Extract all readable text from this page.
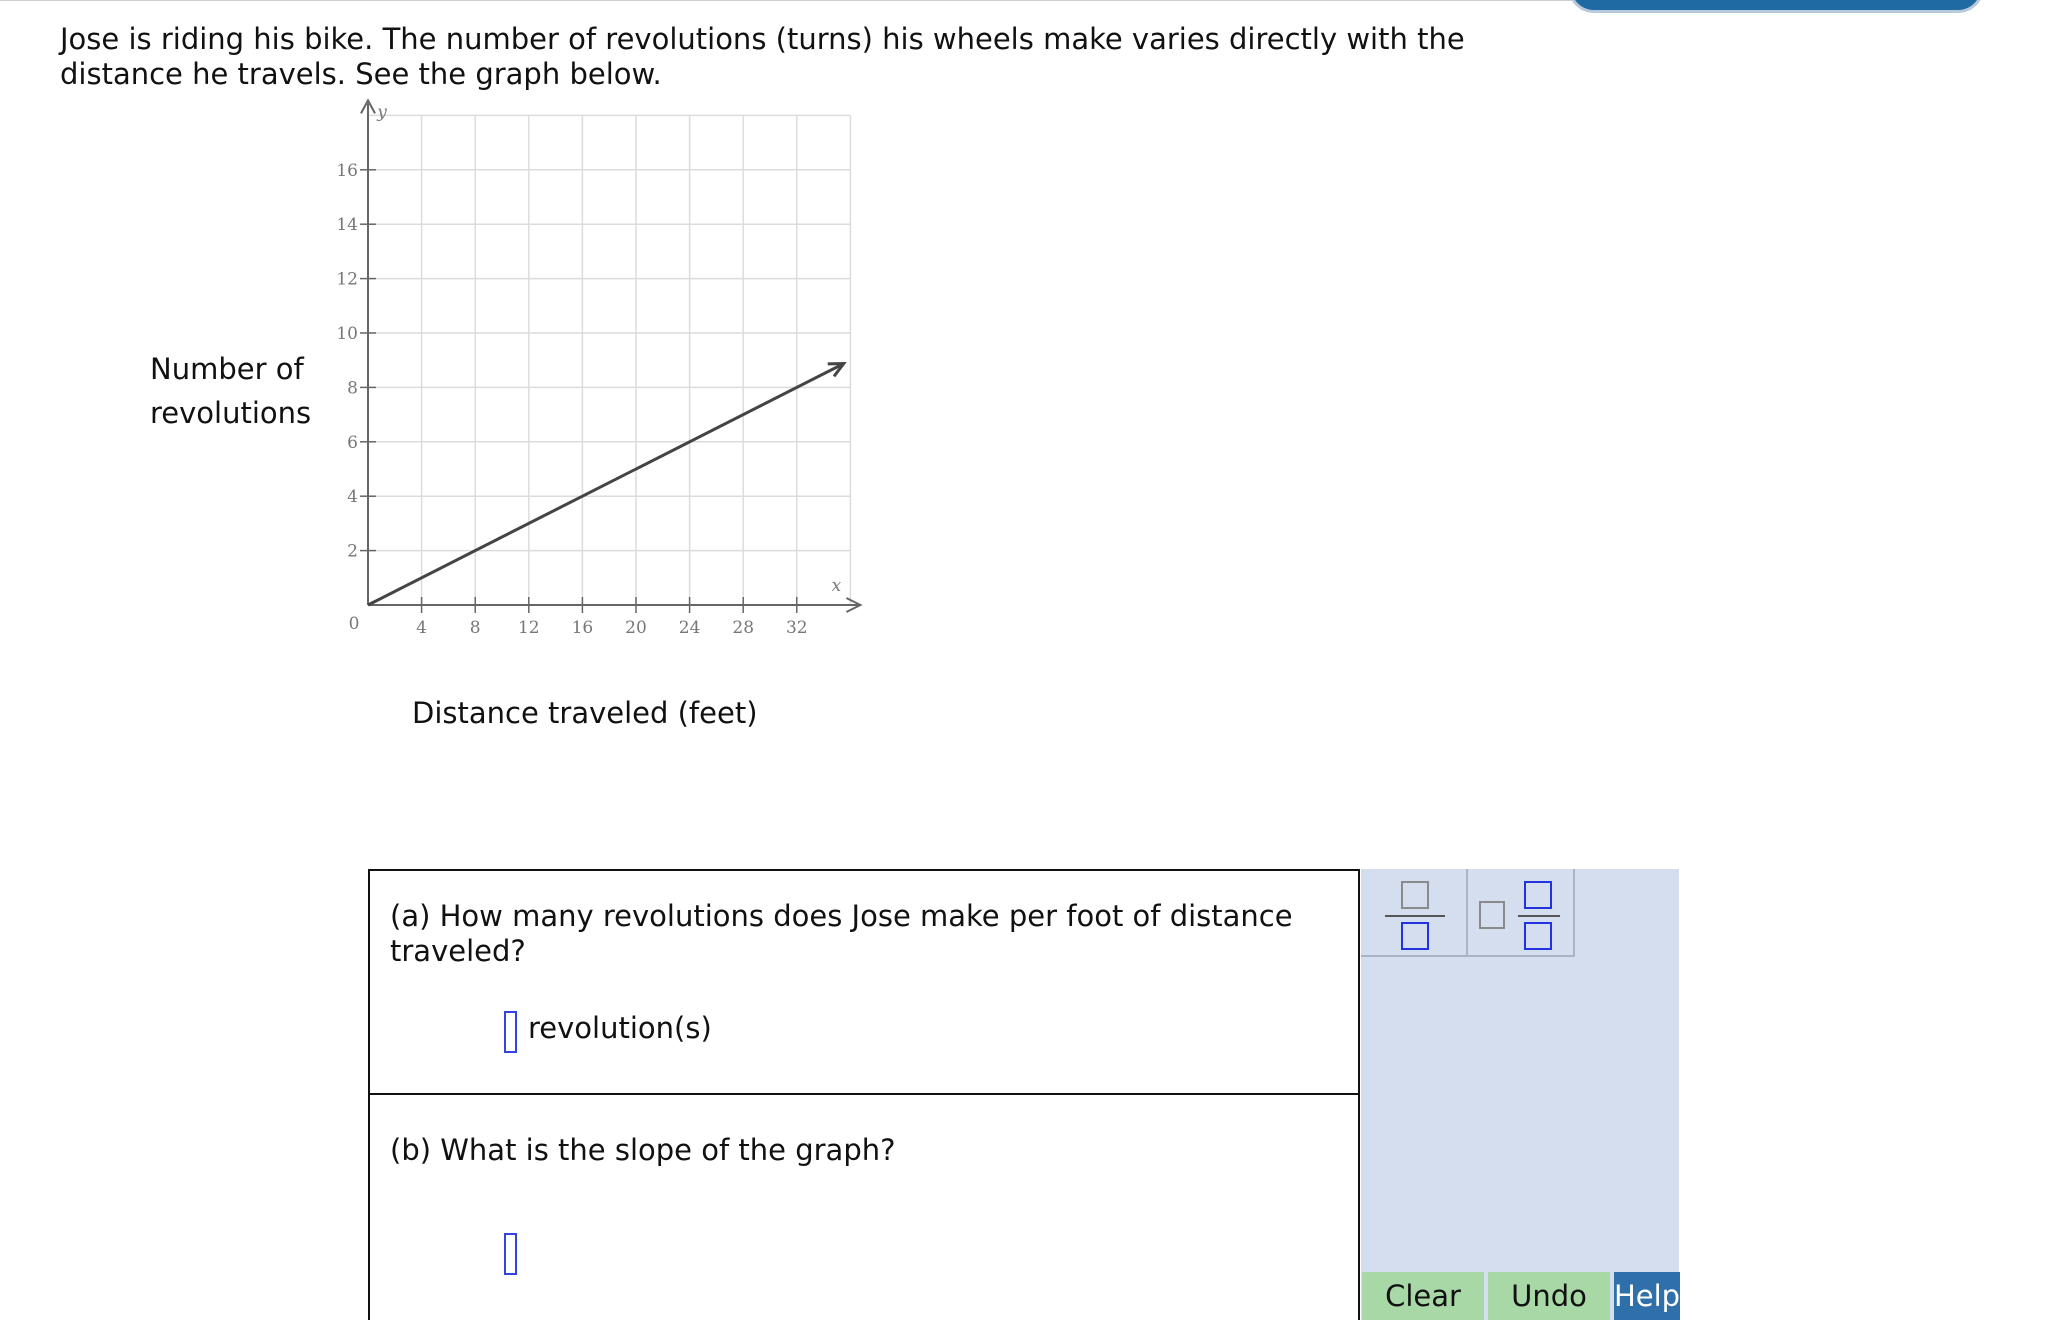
Jose is riding his bike. The number of revolutions (turns) his wheels make varies directly with the distance he travels. See the graph below.

Number of
revolutions
4	8 12 16 20 24 28 32
2
4
6
8
10
12
14
16
0
x
y
Distance traveled (feet)

(a) How many revolutions does Jose make per foot of distance traveled?

revolution(s)

(b) What is the slope of the graph?

Clear	Undo Help
